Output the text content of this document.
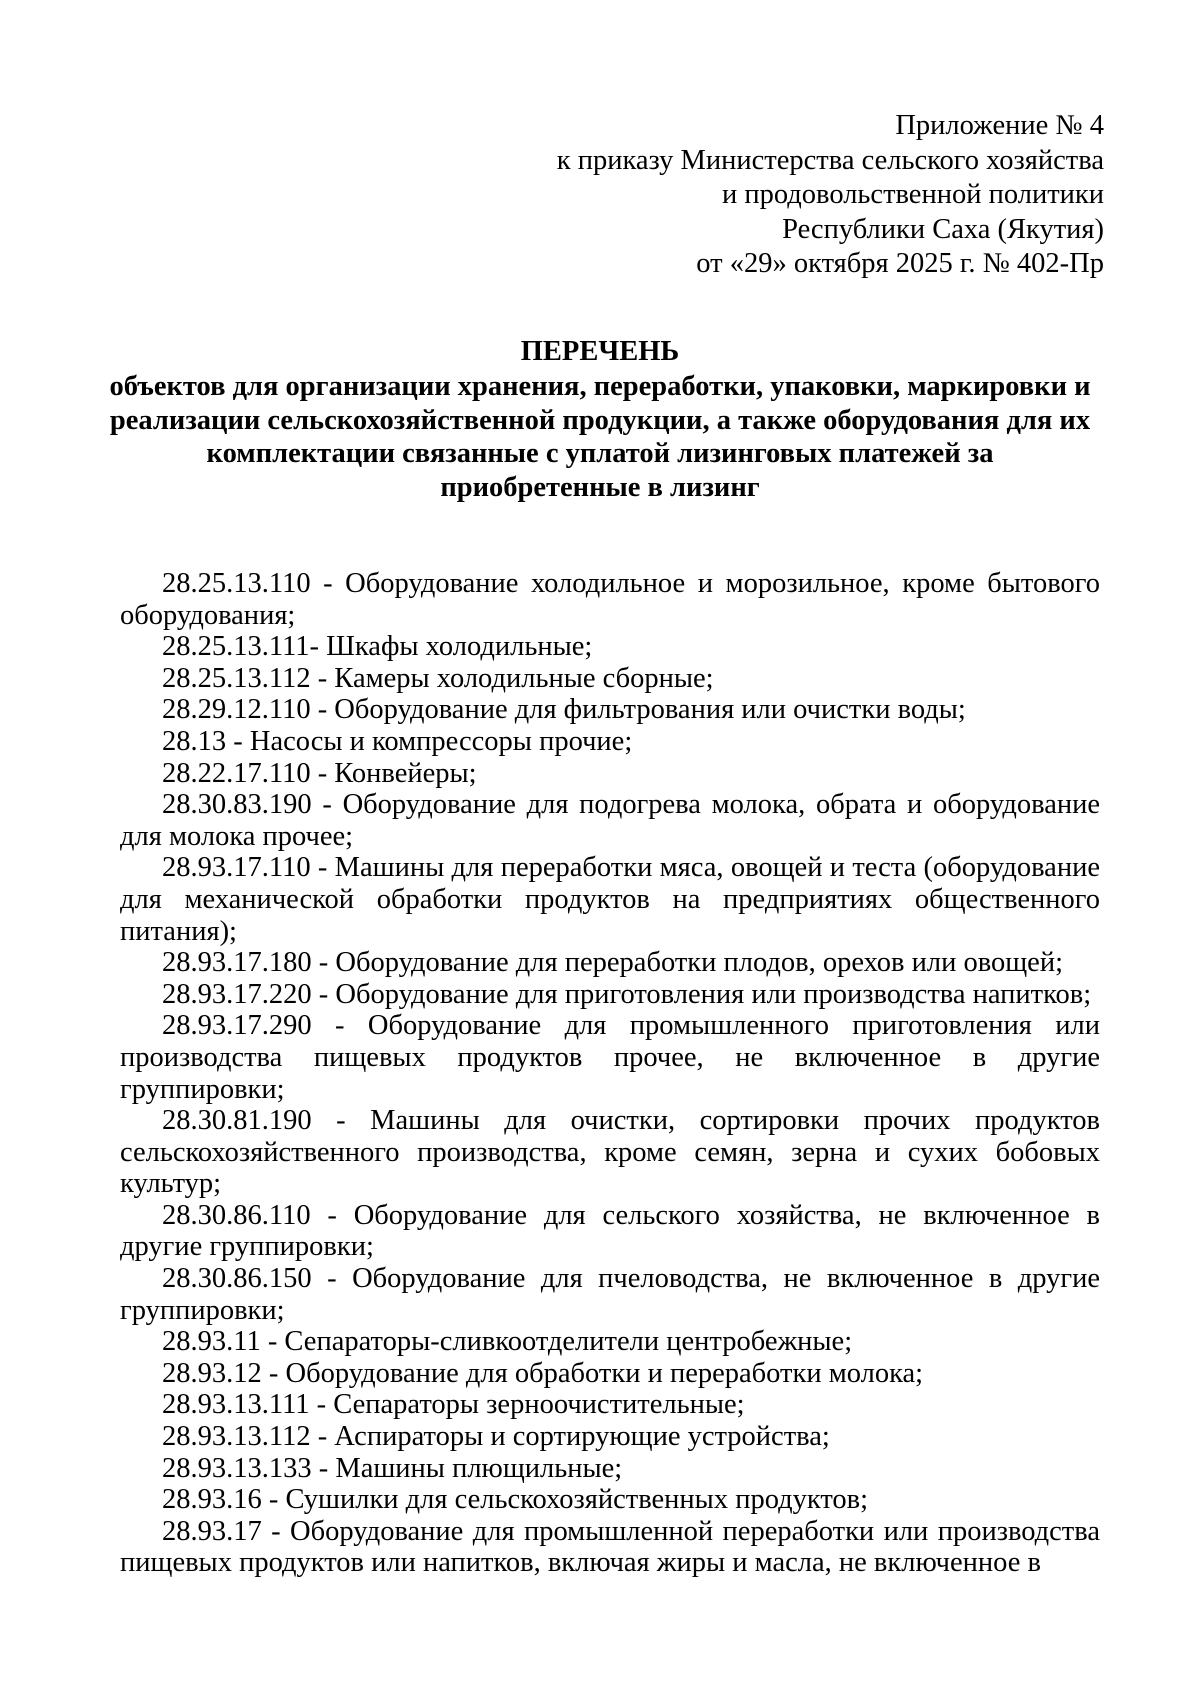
Приложение № 4
к приказу Министерства сельского хозяйства
и продовольственной политики
Республики Саха (Якутия)
от «29» октября 2025 г. № 402-Пр
ПЕРЕЧЕНЬ
объектов для организации хранения, переработки, упаковки, маркировки и
реализации сельскохозяйственной продукции, а также оборудования для их
комплектации связанные с уплатой лизинговых платежей за
приобретенные в лизинг

28.25.13.110 - Оборудование холодильное и морозильное, кроме бытового оборудования;

28.25.13.111- Шкафы холодильные;

28.25.13.112 - Камеры холодильные сборные;

28.29.12.110 - Оборудование для фильтрования или очистки воды;

28.13 - Насосы и компрессоры прочие;

28.22.17.110 - Конвейеры;

28.30.83.190 - Оборудование для подогрева молока, обрата и оборудование для молока прочее;

28.93.17.110 - Машины для переработки мяса, овощей и теста (оборудование для механической обработки продуктов на предприятиях общественного питания);

28.93.17.180 - Оборудование для переработки плодов, орехов или овощей;

28.93.17.220 - Оборудование для приготовления или производства напитков;

28.93.17.290 - Оборудование для промышленного приготовления или производства пищевых продуктов прочее, не включенное в другие группировки;

28.30.81.190 - Машины для очистки, сортировки прочих продуктов сельскохозяйственного производства, кроме семян, зерна и сухих бобовых культур;

28.30.86.110 - Оборудование для сельского хозяйства, не включенное в другие группировки;

28.30.86.150 - Оборудование для пчеловодства, не включенное в другие группировки;

28.93.11 - Сепараторы-сливкоотделители центробежные;

28.93.12 - Оборудование для обработки и переработки молока;

28.93.13.111 - Сепараторы зерноочистительные;

28.93.13.112 - Аспираторы и сортирующие устройства;

28.93.13.133 - Машины плющильные;

28.93.16 - Сушилки для сельскохозяйственных продуктов;

28.93.17 - Оборудование для промышленной переработки или производства пищевых продуктов или напитков, включая жиры и масла, не включенное в
